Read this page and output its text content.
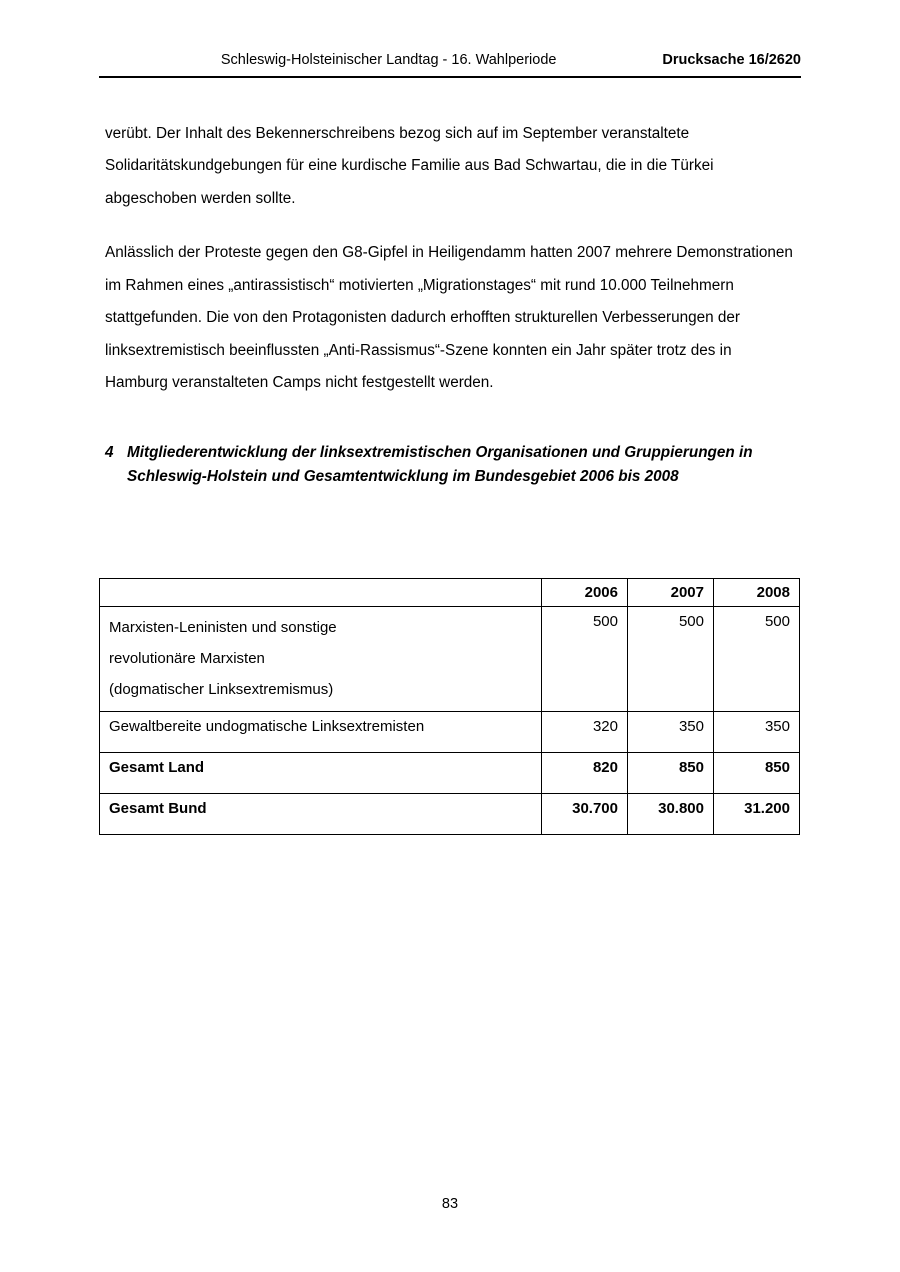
Schleswig-Holsteinischer Landtag - 16. Wahlperiode	Drucksache 16/2620

verübt. Der Inhalt des Bekennerschreibens bezog sich auf im September veranstaltete Solidaritätskundgebungen für eine kurdische Familie aus Bad Schwartau, die in die Türkei abgeschoben werden sollte.

Anlässlich der Proteste gegen den G8-Gipfel in Heiligendamm hatten 2007 mehrere Demonstrationen im Rahmen eines „antirassistisch“ motivierten „Migrationstages“ mit rund 10.000 Teilnehmern stattgefunden. Die von den Protagonisten dadurch erhofften strukturellen Verbesserungen der linksextremistisch beeinflussten „Anti-Rassismus“-Szene konnten ein Jahr später trotz des in Hamburg veranstalteten Camps nicht festgestellt werden.

4 Mitgliederentwicklung der linksextremistischen Organisationen und Gruppierungen in Schleswig-Holstein und Gesamtentwicklung im Bundesgebiet 2006 bis 2008
	2006	2007	2008

Marxisten-Leninisten und sonstige
revolutionäre Marxisten
(dogmatischer Linksextremismus)	500	500	500
Gewaltbereite undogmatische Linksextremisten	320	350	350
Gesamt Land	820	850	850
Gesamt Bund	30.700	30.800	31.200
83
